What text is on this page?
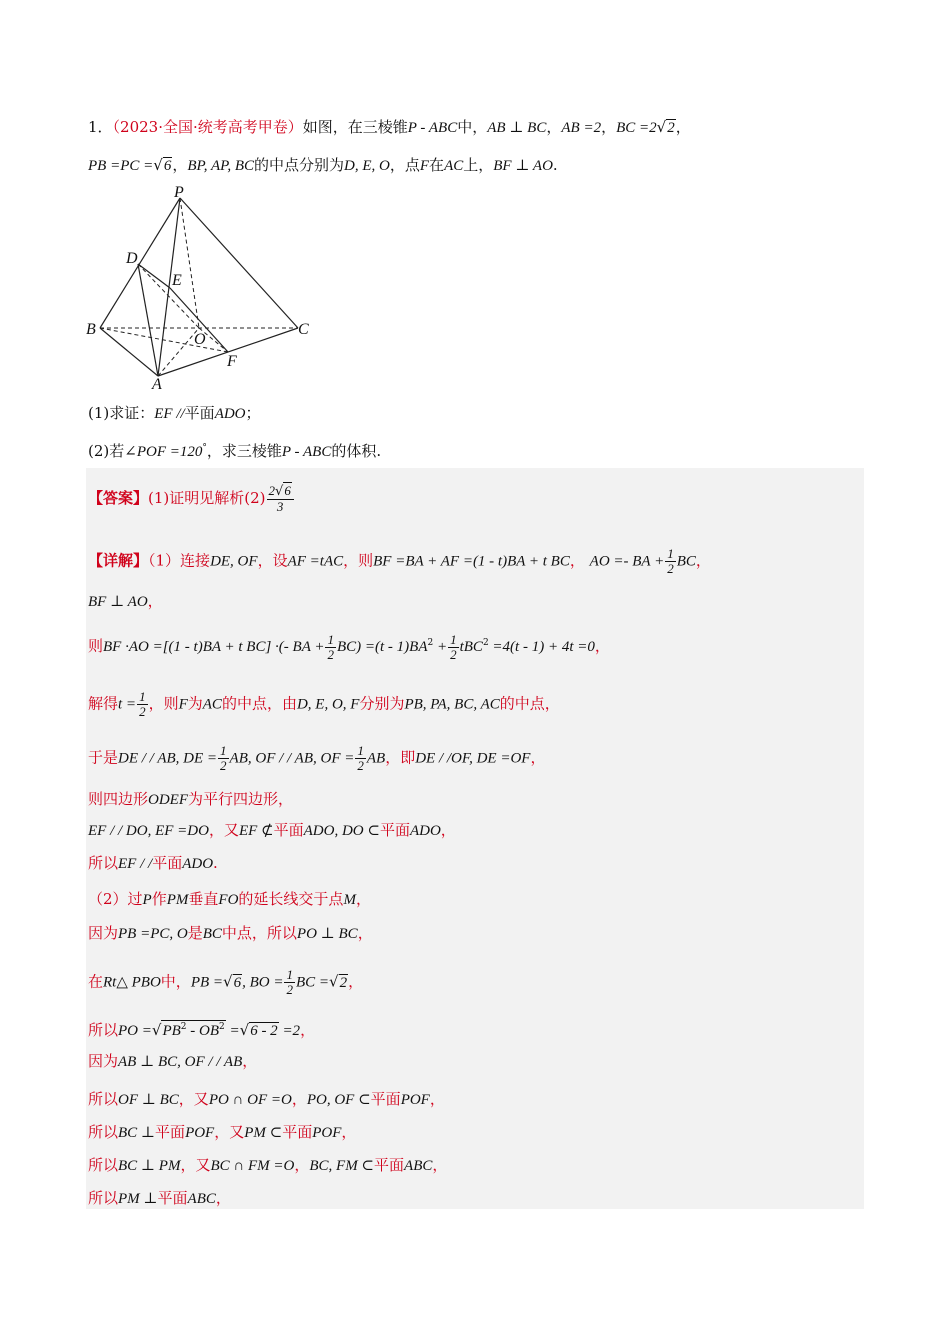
1．（2023·全国·统考高考甲卷）如图，在三棱锥P - ABC中，AB ⊥ BC，AB =2，BC =2√2，
PB =PC =√6，BP, AP, BC的中点分别为D, E, O，点F在AC上，BF ⊥ AO.
P
D
E
B
O
C
F
A
(1)求证：EF //平面ADO；
(2)若∠POF =120°，求三棱锥P - ABC的体积.
【答案】(1)证明见解析$(2) \frac{2√6}{3}$
【详解】（1）连接DE, OF，设AF =tAC，则BF =BA + AF =(1 - t)BA + t BC， AO =- BA + $\frac{1}{2}$ BC，
BF ⊥ AO，
则BF ·AO =[(1 - t)BA + t BC] ·(- BA + $\frac{1}{2} BC) =(t - 1)BA^2 + \frac{1}{2} tBC^2 =4(t - 1) + 4t =0$，
解得$t = \frac{1}{2}$ ，则F为AC的中点，由D, E, O, F分别为PB, PA, BC, AC的中点，
于是DE / / AB, DE = $\frac{1}{2}$ AB, OF / / AB, OF = $\frac{1}{2}$ AB，即DE / /OF, DE =OF，
则四边形ODEF为平行四边形，
EF / / DO, EF =DO，又EF ⊄平面ADO, DO ⊂平面ADO，
所以EF / /平面ADO.
（2）过P作PM垂直FO的延长线交于点M，
因为PB =PC, O是BC中点，所以PO ⊥ BC，
在Rt△ PBO中，PB =√6, BO = $\frac{1}{2}$ BC =√2，
所以PO $=√PB^2 - OB^2 =√6 - 2 =2$，
因为AB ⊥ BC, OF / / AB，
所以OF ⊥ BC，又PO ∩ OF =O，PO, OF ⊂平面POF，
所以BC ⊥平面POF，又PM ⊂平面POF，
所以BC ⊥ PM，又BC ∩ FM =O，BC, FM ⊂平面ABC，
所以PM ⊥平面ABC，
